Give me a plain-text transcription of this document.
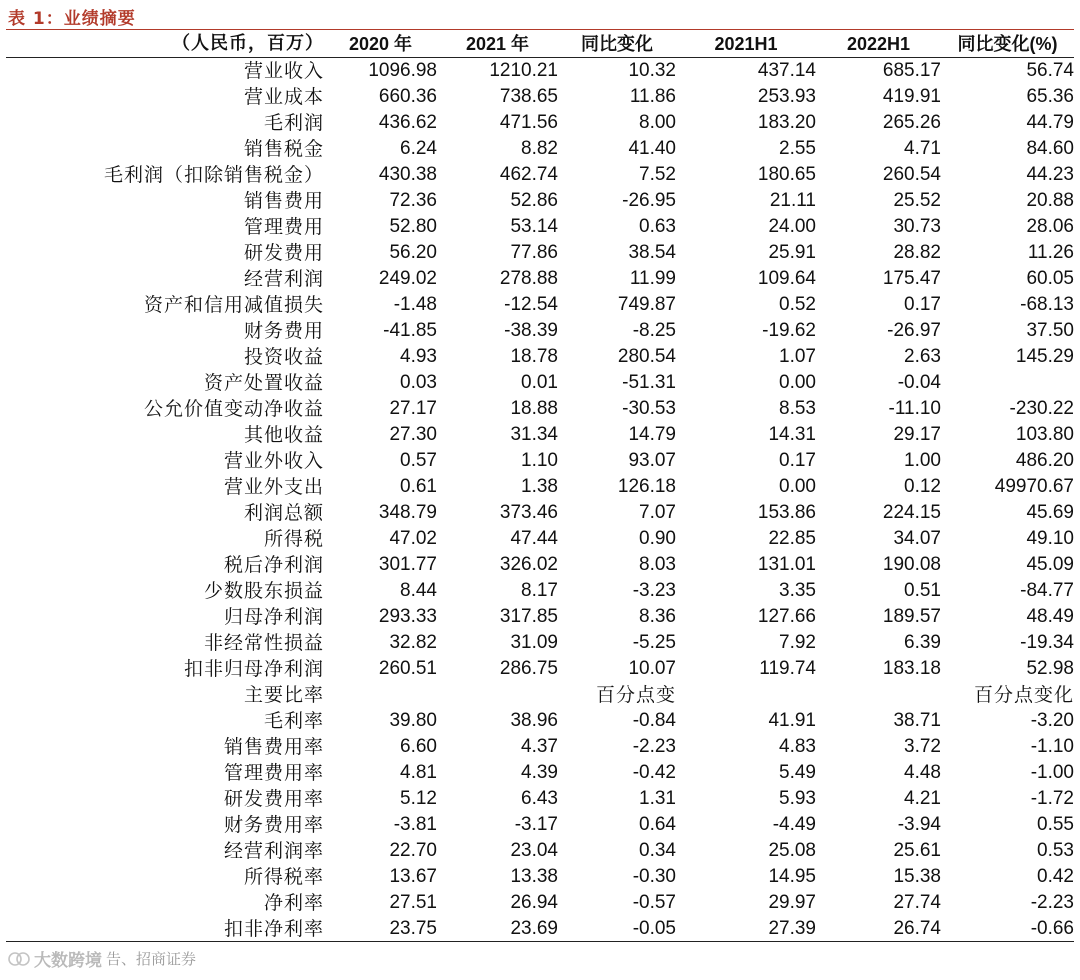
表 1：业绩摘要
（人民币，百万）	2020 年	2021 年	同比变化	2021H1	2022H1	同比变化(%)
营业收入	1096.98	1210.21	10.32	437.14	685.17	56.74
营业成本	660.36	738.65	11.86	253.93	419.91	65.36
毛利润	436.62	471.56	8.00	183.20	265.26	44.79
销售税金	6.24	8.82	41.40	2.55	4.71	84.60
毛利润（扣除销售税金）	430.38	462.74	7.52	180.65	260.54	44.23
销售费用	72.36	52.86	-26.95	21.11	25.52	20.88
管理费用	52.80	53.14	0.63	24.00	30.73	28.06
研发费用	56.20	77.86	38.54	25.91	28.82	11.26
经营利润	249.02	278.88	11.99	109.64	175.47	60.05
资产和信用减值损失	-1.48	-12.54	749.87	0.52	0.17	-68.13
财务费用	-41.85	-38.39	-8.25	-19.62	-26.97	37.50
投资收益	4.93	18.78	280.54	1.07	2.63	145.29
资产处置收益	0.03	0.01	-51.31	0.00	-0.04	
公允价值变动净收益	27.17	18.88	-30.53	8.53	-11.10	-230.22
其他收益	27.30	31.34	14.79	14.31	29.17	103.80
营业外收入	0.57	1.10	93.07	0.17	1.00	486.20
营业外支出	0.61	1.38	126.18	0.00	0.12	49970.67
利润总额	348.79	373.46	7.07	153.86	224.15	45.69
所得税	47.02	47.44	0.90	22.85	34.07	49.10
税后净利润	301.77	326.02	8.03	131.01	190.08	45.09
少数股东损益	8.44	8.17	-3.23	3.35	0.51	-84.77
归母净利润	293.33	317.85	8.36	127.66	189.57	48.49
非经常性损益	32.82	31.09	-5.25	7.92	6.39	-19.34
扣非归母净利润	260.51	286.75	10.07	119.74	183.18	52.98
主要比率			百分点变			百分点变化
毛利率	39.80	38.96	-0.84	41.91	38.71	-3.20
销售费用率	6.60	4.37	-2.23	4.83	3.72	-1.10
管理费用率	4.81	4.39	-0.42	5.49	4.48	-1.00
研发费用率	5.12	6.43	1.31	5.93	4.21	-1.72
财务费用率	-3.81	-3.17	0.64	-4.49	-3.94	0.55
经营利润率	22.70	23.04	0.34	25.08	25.61	0.53
所得税率	13.67	13.38	-0.30	14.95	15.38	0.42
净利率	27.51	26.94	-0.57	29.97	27.74	-2.23
扣非净利率	23.75	23.69	-0.05	27.39	26.74	-0.66
大数跨境 告、招商证券
